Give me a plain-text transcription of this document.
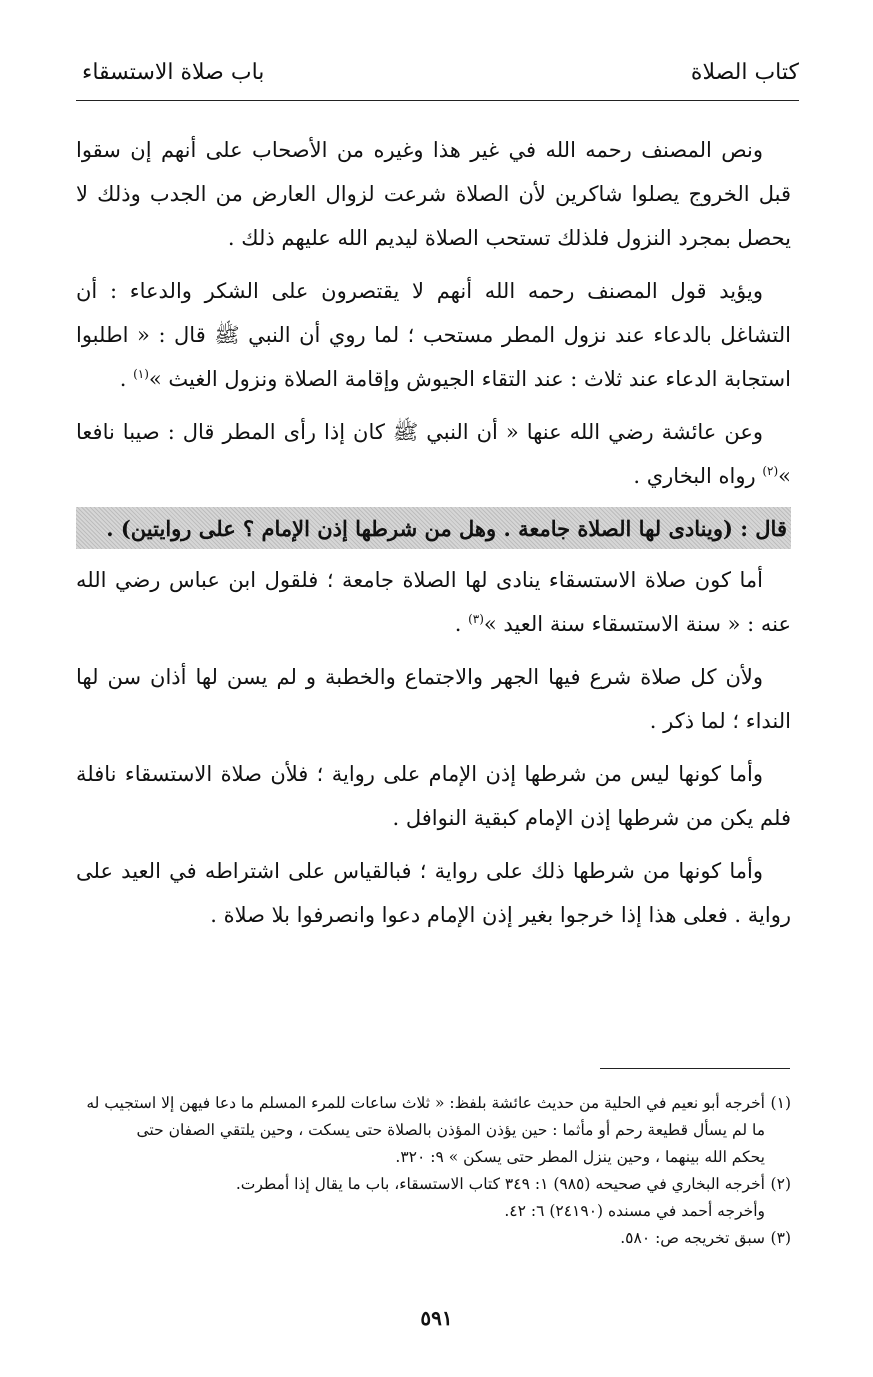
كتاب الصلاة
باب صلاة الاستسقاء

ونص المصنف رحمه الله في غير هذا وغيره من الأصحاب على أنهم إن سقوا قبل الخروج يصلوا شاكرين لأن الصلاة شرعت لزوال العارض من الجدب وذلك لا يحصل بمجرد النزول فلذلك تستحب الصلاة ليديم الله عليهم ذلك .

ويؤيد قول المصنف رحمه الله أنهم لا يقتصرون على الشكر والدعاء : أن التشاغل بالدعاء عند نزول المطر مستحب ؛ لما روي أن النبي ﷺ قال : « اطلبوا استجابة الدعاء عند ثلاث : عند التقاء الجيوش وإقامة الصلاة ونزول الغيث »$^{(١)}$ .

وعن عائشة رضي الله عنها « أن النبي ﷺ كان إذا رأى المطر قال : صيبا نافعا »$^{(٢)}$ رواه البخاري .

قال : (وينادى لها الصلاة جامعة . وهل من شرطها إذن الإمام ؟ على روايتين) .

أما كون صلاة الاستسقاء ينادى لها الصلاة جامعة ؛ فلقول ابن عباس رضي الله عنه : « سنة الاستسقاء سنة العيد »$^{(٣)}$ .

ولأن كل صلاة شرع فيها الجهر والاجتماع والخطبة و لم يسن لها أذان سن لها النداء ؛ لما ذكر .

وأما كونها ليس من شرطها إذن الإمام على رواية ؛ فلأن صلاة الاستسقاء نافلة فلم يكن من شرطها إذن الإمام كبقية النوافل .

وأما كونها من شرطها ذلك على رواية ؛ فبالقياس على اشتراطه في العيد على رواية . فعلى هذا إذا خرجوا بغير إذن الإمام دعوا وانصرفوا بلا صلاة .

(١)أخرجه أبو نعيم في الحلية من حديث عائشة بلفظ: « ثلاث ساعات للمرء المسلم ما دعا فيهن إلا استجيب له

ما لم يسأل قطيعة رحم أو مأثما : حين يؤذن المؤذن بالصلاة حتى يسكت ، وحين يلتقي الصفان حتى

يحكم الله بينهما ، وحين ينزل المطر حتى يسكن » ٩: ٣٢٠.

(٢)أخرجه البخاري في صحيحه (٩٨٥) ١: ٣٤٩ كتاب الاستسقاء، باب ما يقال إذا أمطرت.

وأخرجه أحمد في مسنده (٢٤١٩٠) ٦: ٤٢.

(٣)سبق تخريجه ص: ٥٨٠.

٥٩١
